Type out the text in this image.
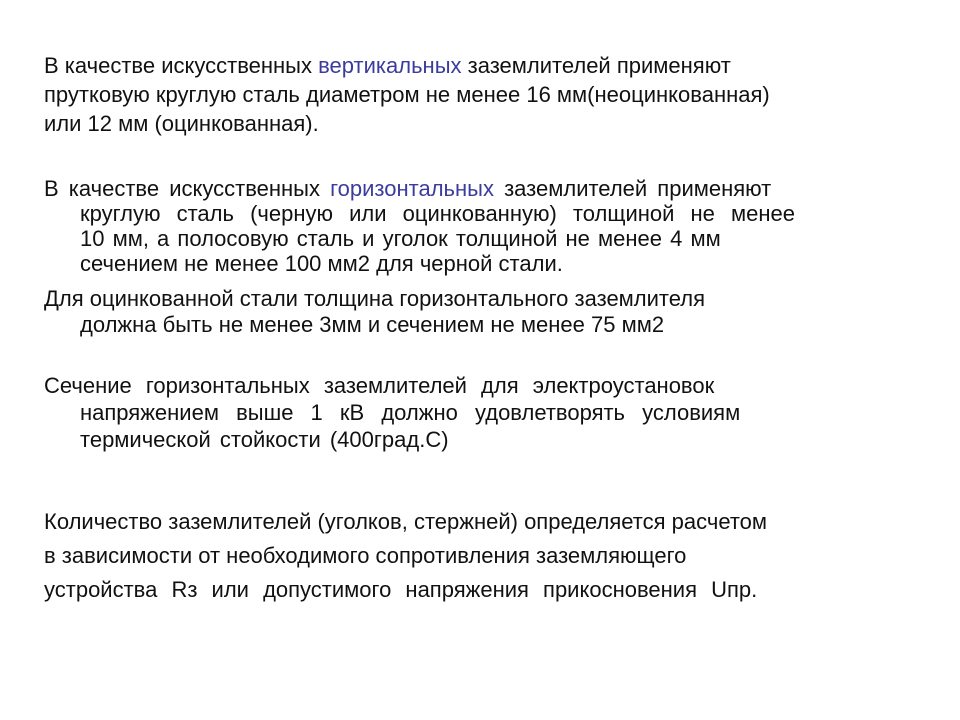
В качестве искусственных вертикальных заземлителей применяют
прутковую круглую сталь диаметром не менее 16 мм(неоцинкованная)
или 12 мм (оцинкованная).

В качестве искусственных горизонтальных заземлителей применяют
круглую сталь (черную или оцинкованную) толщиной не менее
10 мм, а полосовую сталь и уголок толщиной не менее 4 мм
сечением не менее 100 мм2 для черной стали.

Для оцинкованной стали толщина горизонтального заземлителя
должна быть не менее 3мм и сечением не менее 75 мм2

Сечение горизонтальных заземлителей для электроустановок
напряжением выше 1 кВ должно удовлетворять условиям
термической стойкости (400град.С)

Количество заземлителей (уголков, стержней) определяется расчетом
в зависимости от необходимого сопротивления заземляющего
устройства Rз или допустимого напряжения прикосновения Uпр.
